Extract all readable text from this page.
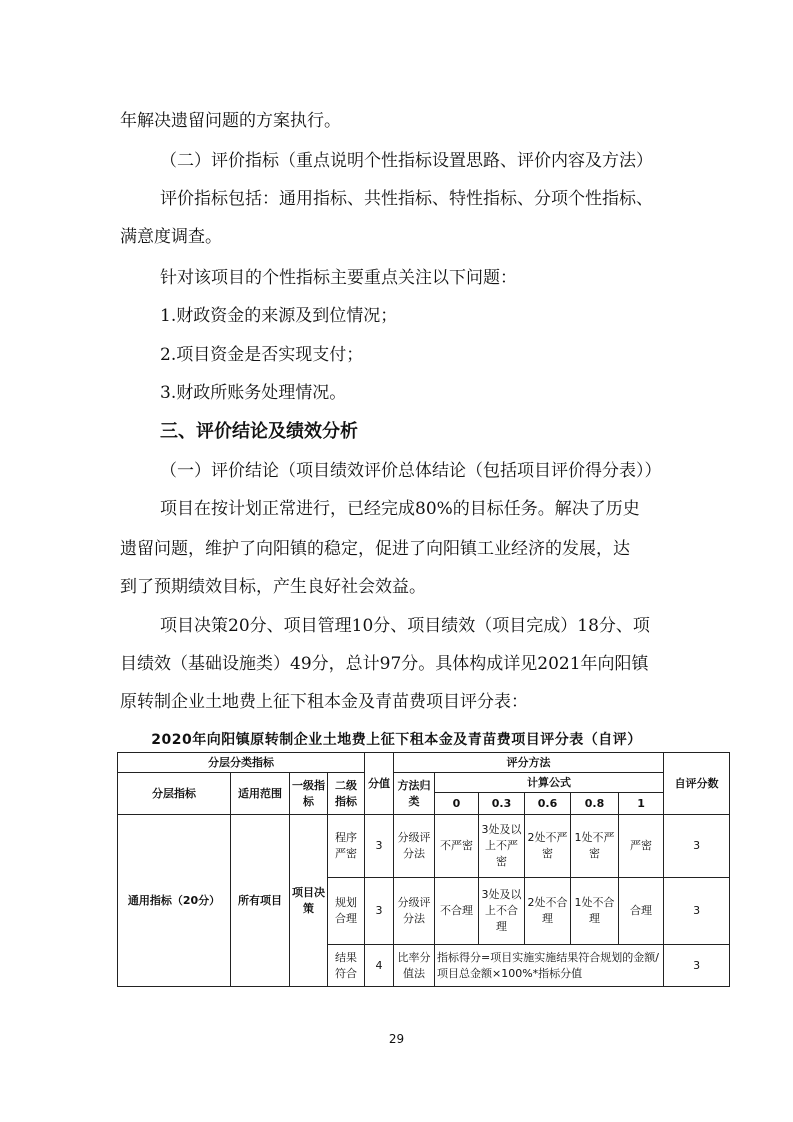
年解决遗留问题的方案执行。
（二）评价指标（重点说明个性指标设置思路、评价内容及方法）
评价指标包括：通用指标、共性指标、特性指标、分项个性指标、
满意度调查。
针对该项目的个性指标主要重点关注以下问题：
1.财政资金的来源及到位情况；
2.项目资金是否实现支付；
3.财政所账务处理情况。
三、评价结论及绩效分析
（一）评价结论（项目绩效评价总体结论（包括项目评价得分表））
项目在按计划正常进行，已经完成80%的目标任务。解决了历史
遗留问题，维护了向阳镇的稳定，促进了向阳镇工业经济的发展，达
到了预期绩效目标，产生良好社会效益。
项目决策20分、项目管理10分、项目绩效（项目完成）18分、项
目绩效（基础设施类）49分，总计97分。具体构成详见2021年向阳镇
原转制企业土地费上征下租本金及青苗费项目评分表：
2020年向阳镇原转制企业土地费上征下租本金及青苗费项目评分表（自评）
分层分类指标				分值	评分方法						自评分数
分层指标	适用范围	一级指标	二级指标		方法归类	计算公式					
						0	0.3	0.6	0.8	1	
通用指标（20分）	所有项目	项目决策	程序严密	3	分级评分法	不严密	3处及以上不严密	2处不严密	1处不严密	严密	3
			规划合理	3	分级评分法	不合理	3处及以上不合理	2处不合理	1处不合理	合理	3
			结果符合	4	比率分值法	指标得分=项目实施实施结果符合规划的金额/项目总金额×100%*指标分值					3
29
